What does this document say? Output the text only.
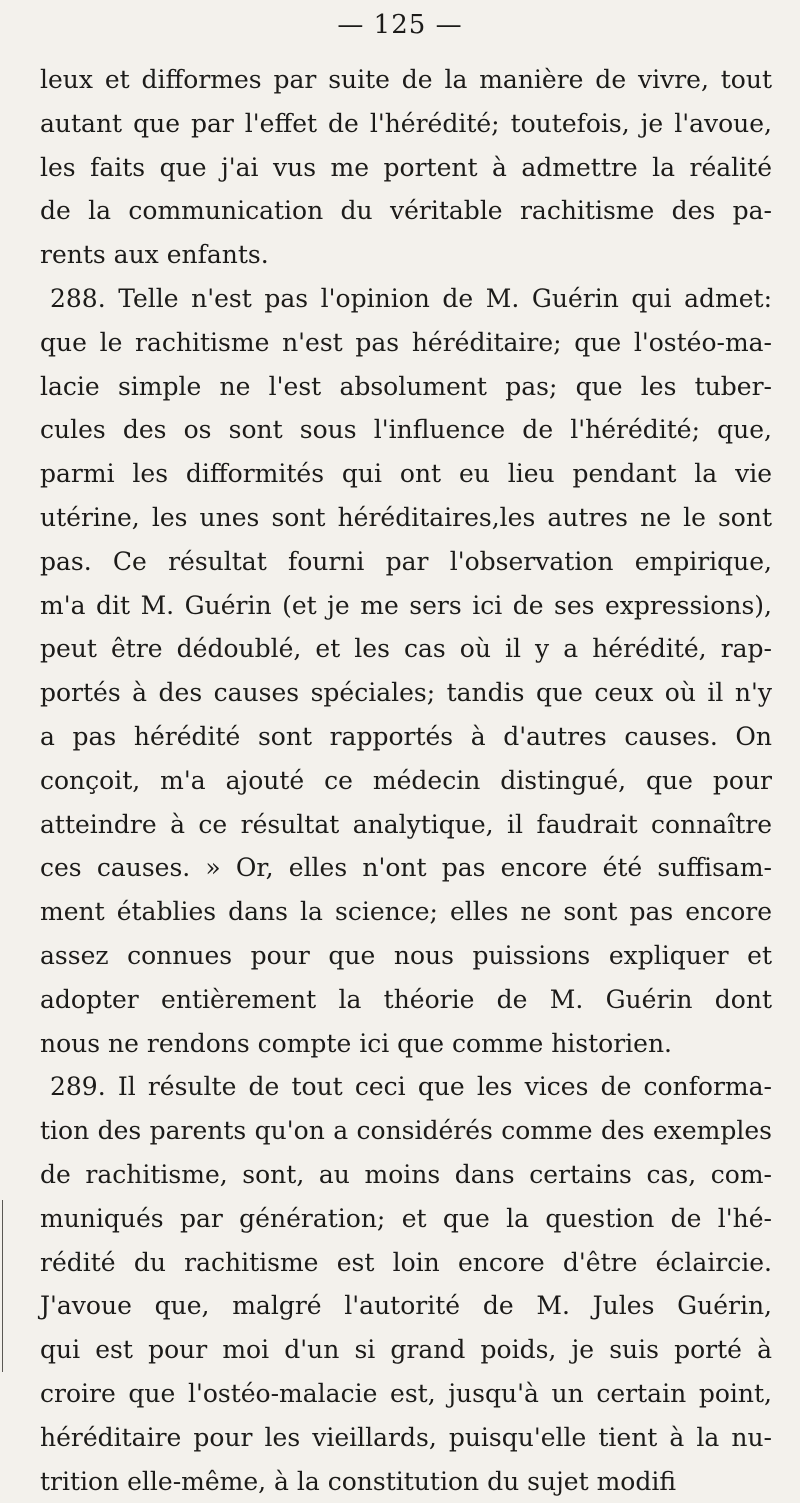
— 125 —
leux et difformes par suite de la manière de vivre, tout
autant que par l'effet de l'hérédité; toutefois, je l'avoue,
les faits que j'ai vus me portent à admettre la réalité
de la communication du véritable rachitisme des pa-
rents aux enfants.
288. Telle n'est pas l'opinion de M. Guérin qui admet:
que le rachitisme n'est pas héréditaire; que l'ostéo-ma-
lacie simple ne l'est absolument pas; que les tuber-
cules des os sont sous l'influence de l'hérédité; que,
parmi les difformités qui ont eu lieu pendant la vie
utérine, les unes sont héréditaires,les autres ne le sont
pas. Ce résultat fourni par l'observation empirique,
m'a dit M. Guérin (et je me sers ici de ses expressions),
peut être dédoublé, et les cas où il y a hérédité, rap-
portés à des causes spéciales; tandis que ceux où il n'y
a pas hérédité sont rapportés à d'autres causes. On
conçoit, m'a ajouté ce médecin distingué, que pour
atteindre à ce résultat analytique, il faudrait connaître
ces causes. » Or, elles n'ont pas encore été suffisam-
ment établies dans la science; elles ne sont pas encore
assez connues pour que nous puissions expliquer et
adopter entièrement la théorie de M. Guérin dont
nous ne rendons compte ici que comme historien.
289. Il résulte de tout ceci que les vices de conforma-
tion des parents qu'on a considérés comme des exemples
de rachitisme, sont, au moins dans certains cas, com-
muniqués par génération; et que la question de l'hé-
rédité du rachitisme est loin encore d'être éclaircie.
J'avoue que, malgré l'autorité de M. Jules Guérin,
qui est pour moi d'un si grand poids, je suis porté à
croire que l'ostéo-malacie est, jusqu'à un certain point,
héréditaire pour les vieillards, puisqu'elle tient à la nu-
trition elle-même, à la constitution du sujet modifi
